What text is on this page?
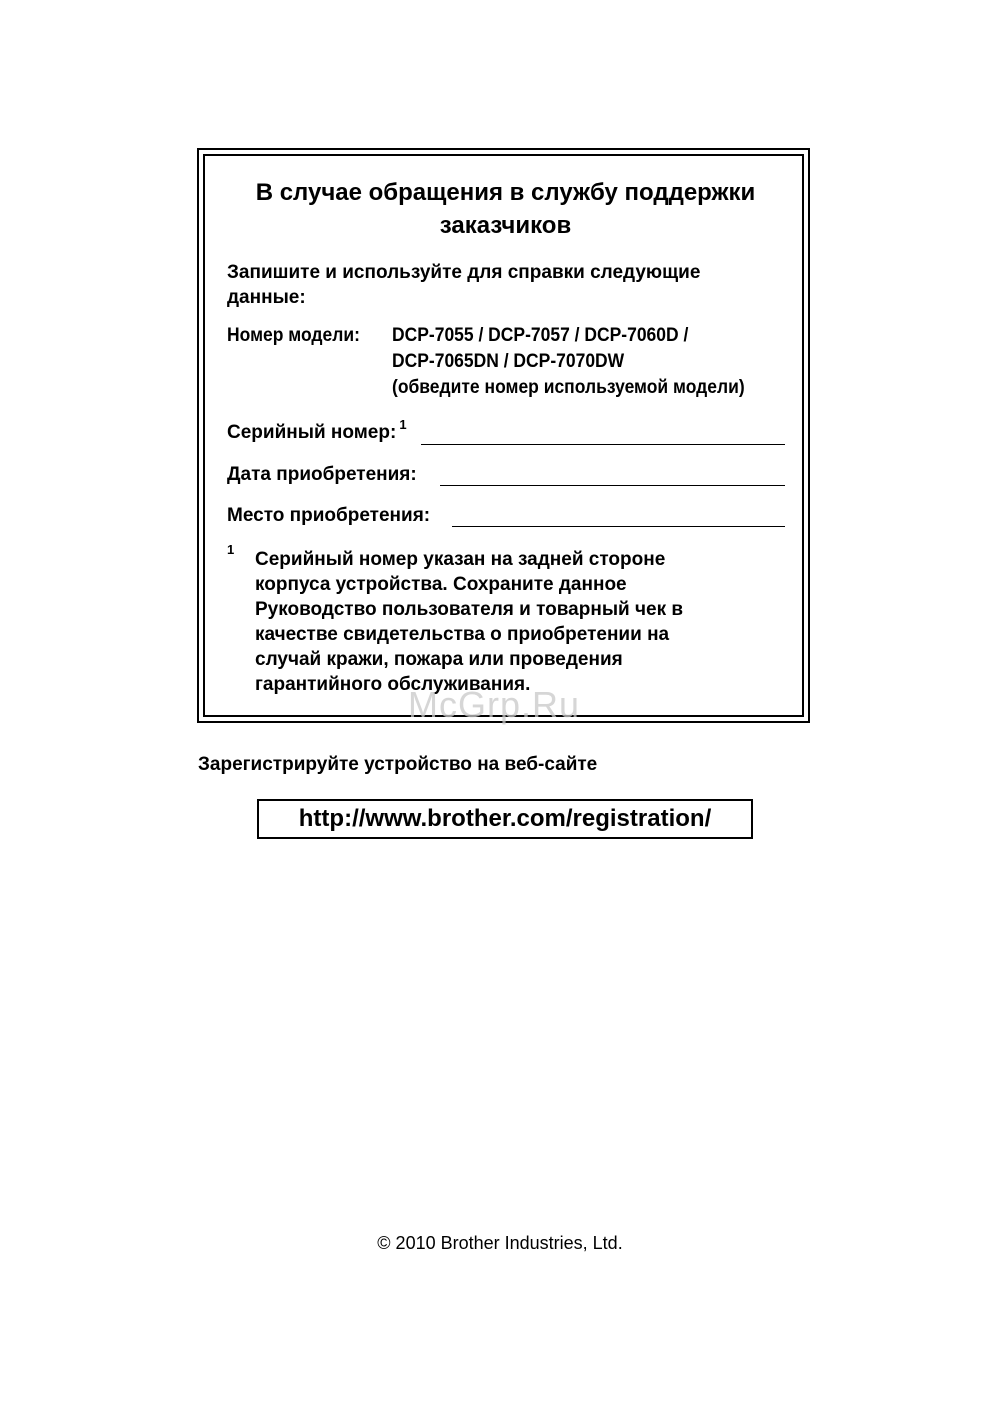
В случае обращения в службу поддержки
заказчиков
Запишите и используйте для справки следующие
данные:
Номер модели: DCP-7055 / DCP-7057 / DCP-7060D /
DCP-7065DN / DCP-7070DW
(обведите номер используемой модели)
Серийный номер: $^1$
Дата приобретения:
Место приобретения:
1 Серийный номер указан на задней стороне
корпуса устройства. Сохраните данное
Руководство пользователя и товарный чек в
качестве свидетельства о приобретении на
случай кражи, пожара или проведения
гарантийного обслуживания.
McGrp.Ru
Зарегистрируйте устройство на веб-сайте
http://www.brother.com/registration/
© 2010 Brother Industries, Ltd.
